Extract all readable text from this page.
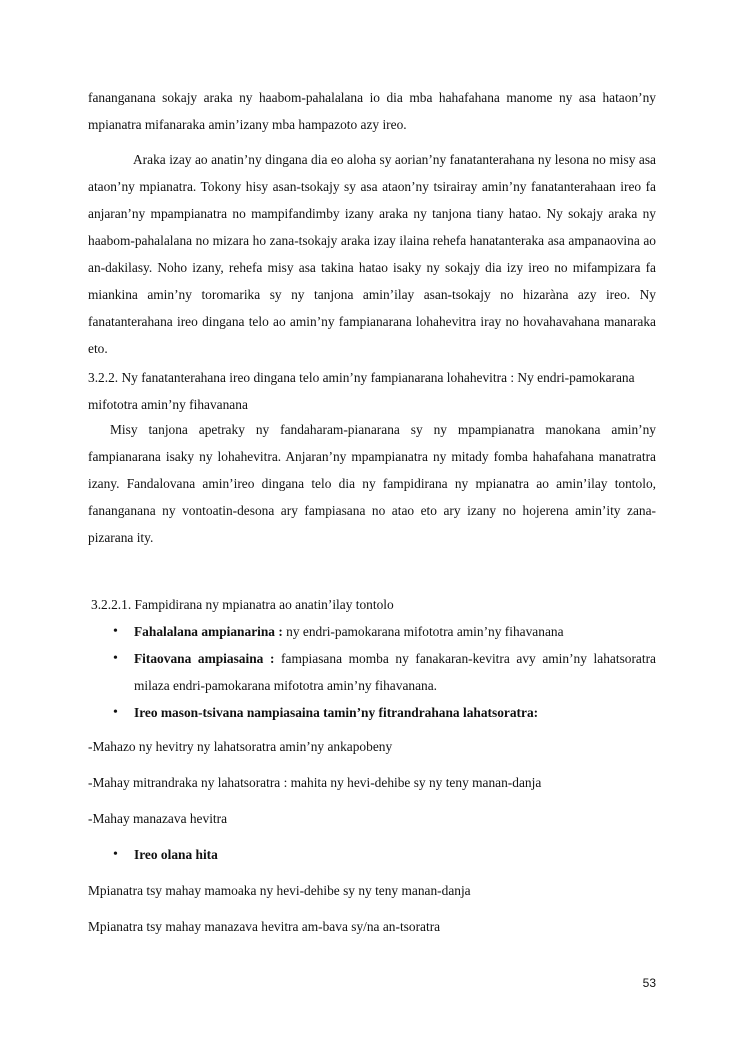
fananganana sokajy araka ny haabom-pahalalana io dia mba hahafahana manome ny asa hataon’ny mpianatra mifanaraka amin’izany mba hampazoto azy ireo.

Araka izay ao anatin’ny dingana dia eo aloha sy aorian’ny fanatanterahana ny lesona no misy asa ataon’ny mpianatra. Tokony hisy asan-tsokajy sy asa ataon’ny tsirairay amin’ny fanatanterahaan ireo fa anjaran’ny mpampianatra no mampifandimby izany araka ny tanjona tiany hatao. Ny sokajy araka ny haabom-pahalalana no mizara ho zana-tsokajy araka izay ilaina rehefa hanatanteraka asa ampanaovina ao an-dakilasy. Noho izany, rehefa misy asa takina hatao isaky ny sokajy dia izy ireo no mifampizara fa miankina amin’ny toromarika sy ny tanjona amin’ilay asan-tsokajy no hizaràna azy ireo. Ny fanatanterahana ireo dingana telo ao amin’ny fampianarana lohahevitra iray no hovahavahana manaraka eto.

3.2.2. Ny fanatanterahana ireo dingana telo amin’ny fampianarana lohahevitra : Ny endri-pamokarana mifototra amin’ny fihavanana

Misy tanjona apetraky ny fandaharam-pianarana sy ny mpampianatra manokana amin’ny fampianarana isaky ny lohahevitra. Anjaran’ny mpampianatra ny mitady fomba hahafahana manatratra izany. Fandalovana amin’ireo dingana telo dia ny fampidirana ny mpianatra ao amin’ilay tontolo, fananganana ny vontoatin-desona ary fampiasana no atao eto ary izany no hojerena amin’ity zana-pizarana ity.

3.2.2.1. Fampidirana ny mpianatra ao anatin’ilay tontolo

• Fahalalana ampianarina : ny endri-pamokarana mifototra amin’ny fihavanana
• Fitaovana ampiasaina : fampiasana momba ny fanakaran-kevitra avy amin’ny lahatsoratra milaza endri-pamokarana mifototra amin’ny fihavanana.
• Ireo mason-tsivana nampiasaina tamin’ny fitrandrahana lahatsoratra:

-Mahazo ny hevitry ny lahatsoratra amin’ny ankapobeny

-Mahay mitrandraka ny lahatsoratra : mahita ny hevi-dehibe sy ny teny manan-danja

-Mahay manazava hevitra

• Ireo olana hita

Mpianatra tsy mahay mamoaka ny hevi-dehibe sy ny teny manan-danja

Mpianatra tsy mahay manazava hevitra am-bava sy/na an-tsoratra

53
